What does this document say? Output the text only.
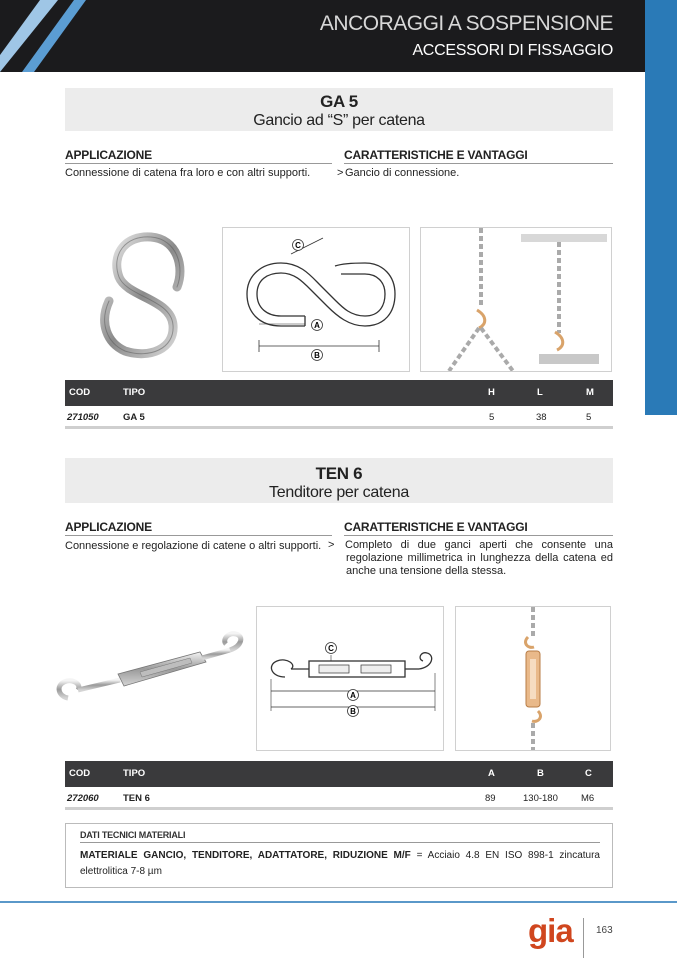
ANCORAGGI A SOSPENSIONE
ACCESSORI DI FISSAGGIO
GA 5
Gancio ad “S” per catena
APPLICAZIONE	CARATTERISTICHE E VANTAGGI
Connessione di catena fra loro e con altri supporti.	> Gancio di connessione.
C
A
B
COD	TIPO	H	L	M
271050	GA 5	5	38	5
TEN 6
Tenditore per catena
APPLICAZIONE	CARATTERISTICHE E VANTAGGI
Connessione e regolazione di catene o altri supporti. > Completo di due ganci aperti che consente una regolazione millimetrica in lunghezza della catena ed anche una tensione della stessa.
C
A
B
COD	TIPO	A	B	C
272060	TEN 6	89	130-180 M6
DATI TECNICI MATERIALI
MATERIALE GANCIO, TENDITORE, ADATTATORE, RIDUZIONE M/F = Acciaio 4.8 EN ISO 898-1 zincatura elettrolitica 7-8 µm
gia 163
